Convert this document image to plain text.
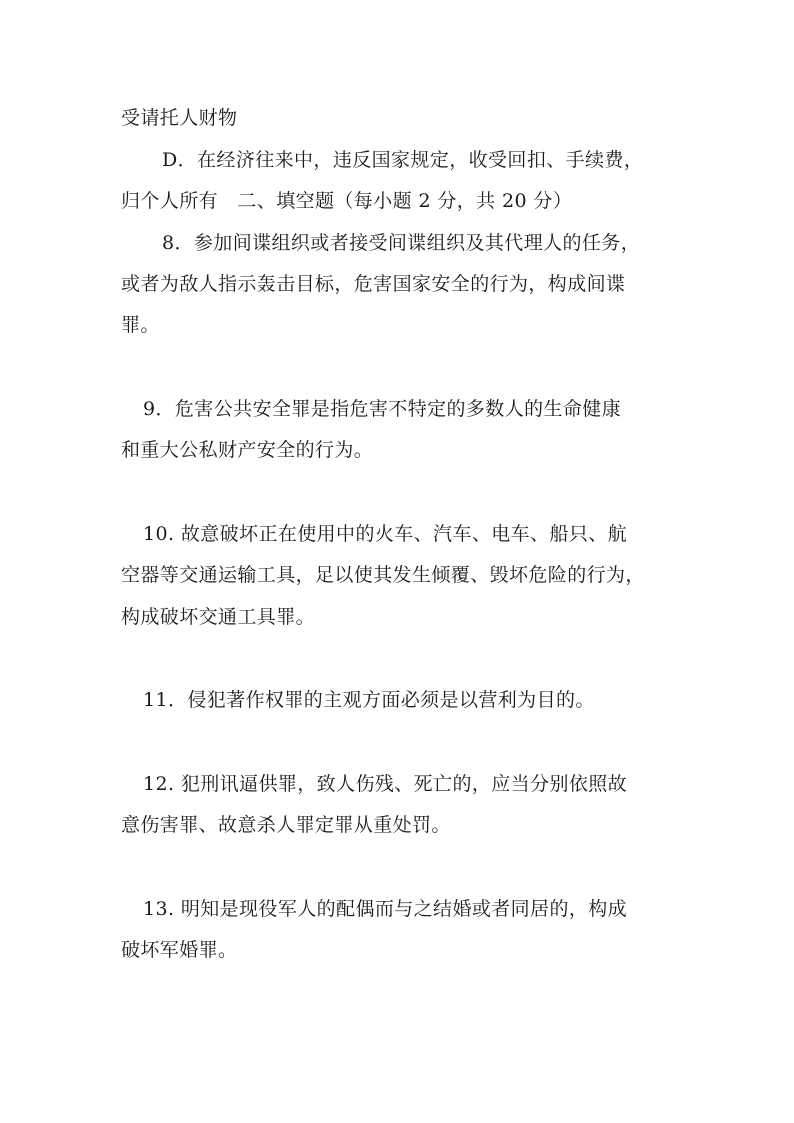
受请托人财物
D．在经济往来中，违反国家规定，收受回扣、手续费，
归个人所有　二、填空题（每小题 2 分，共 20 分）
8．参加间谍组织或者接受间谍组织及其代理人的任务，
或者为敌人指示轰击目标，危害国家安全的行为，构成间谍
罪。
9．危害公共安全罪是指危害不特定的多数人的生命健康
和重大公私财产安全的行为。
10. 故意破坏正在使用中的火车、汽车、电车、船只、航
空器等交通运输工具，足以使其发生倾覆、毁坏危险的行为，
构成破坏交通工具罪。
11．侵犯著作权罪的主观方面必须是以营利为目的。
12. 犯刑讯逼供罪，致人伤残、死亡的，应当分别依照故
意伤害罪、故意杀人罪定罪从重处罚。
13. 明知是现役军人的配偶而与之结婚或者同居的，构成
破坏军婚罪。
